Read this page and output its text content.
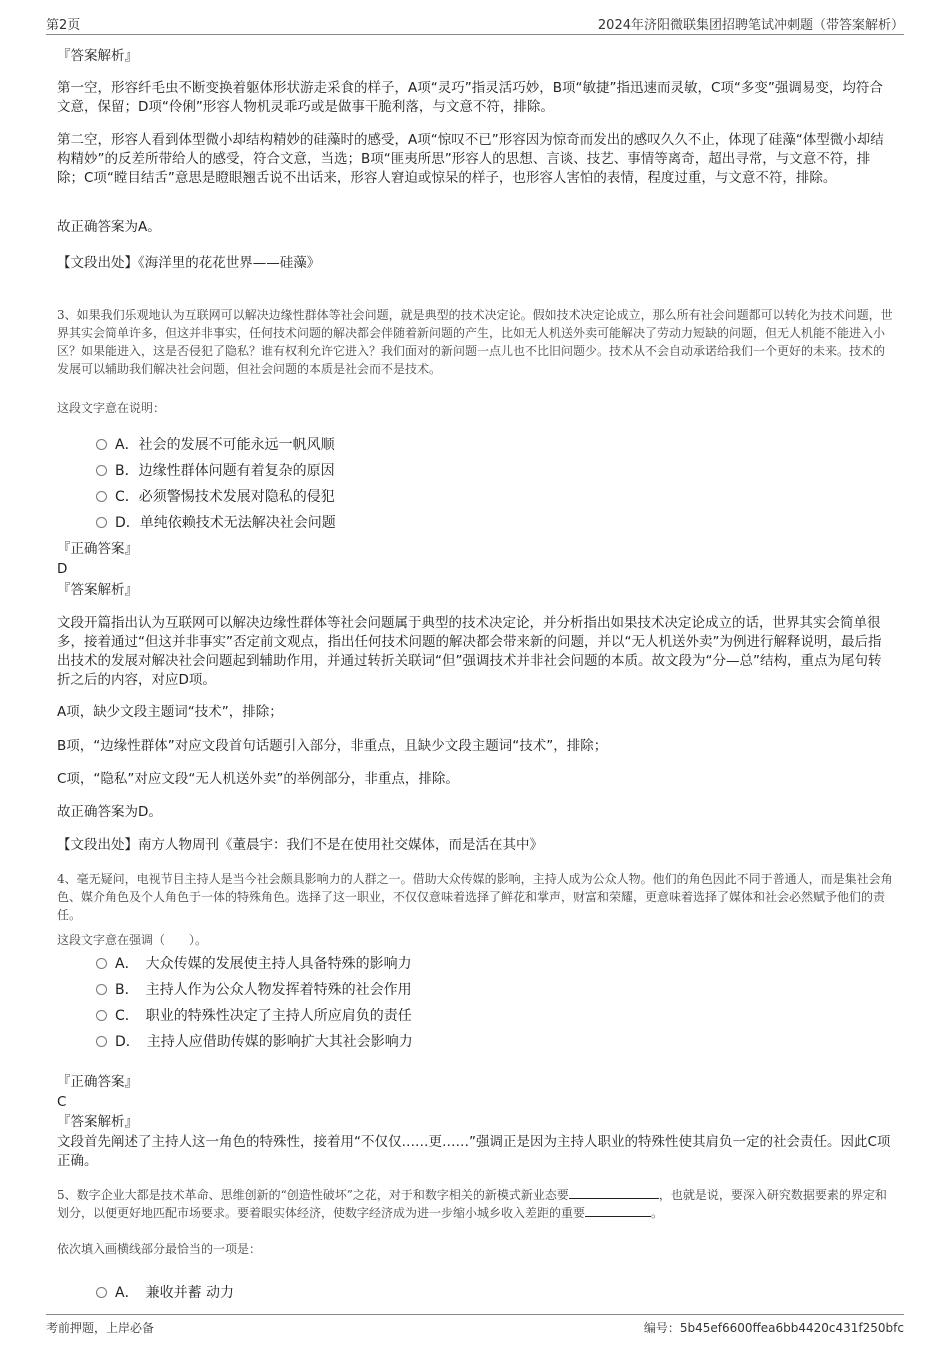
第2页	2024年济阳微联集团招聘笔试冲刺题（带答案解析）

『答案解析』

第一空，形容纤毛虫不断变换着躯体形状游走采食的样子，A项“灵巧”指灵活巧妙，B项“敏捷”指迅速而灵敏，C项“多变”强调易变，均符合文意，保留；D项“伶俐”形容人物机灵乖巧或是做事干脆利落，与文意不符，排除。

第二空，形容人看到体型微小却结构精妙的硅藻时的感受，A项“惊叹不已”形容因为惊奇而发出的感叹久久不止，体现了硅藻“体型微小却结构精妙”的反差所带给人的感受，符合文意，当选；B项“匪夷所思”形容人的思想、言谈、技艺、事情等离奇，超出寻常，与文意不符，排除；C项“瞠目结舌”意思是瞪眼翘舌说不出话来，形容人窘迫或惊呆的样子，也形容人害怕的表情，程度过重，与文意不符，排除。

故正确答案为A。

【文段出处】《海洋里的花花世界——硅藻》

3、如果我们乐观地认为互联网可以解决边缘性群体等社会问题，就是典型的技术决定论。假如技术决定论成立，那么所有社会问题都可以转化为技术问题，世界其实会简单许多，但这并非事实，任何技术问题的解决都会伴随着新问题的产生，比如无人机送外卖可能解决了劳动力短缺的问题，但无人机能不能进入小区？如果能进入，这是否侵犯了隐私？谁有权利允许它进入？我们面对的新问题一点儿也不比旧问题少。技术从不会自动承诺给我们一个更好的未来。技术的发展可以辅助我们解决社会问题，但社会问题的本质是社会而不是技术。

这段文字意在说明：

A．社会的发展不可能永远一帆风顺
B．边缘性群体问题有着复杂的原因
C．必须警惕技术发展对隐私的侵犯
D．单纯依赖技术无法解决社会问题

『正确答案』

D

『答案解析』

文段开篇指出认为互联网可以解决边缘性群体等社会问题属于典型的技术决定论，并分析指出如果技术决定论成立的话，世界其实会简单很多，接着通过“但这并非事实”否定前文观点，指出任何技术问题的解决都会带来新的问题，并以“无人机送外卖”为例进行解释说明，最后指出技术的发展对解决社会问题起到辅助作用，并通过转折关联词“但”强调技术并非社会问题的本质。故文段为“分—总”结构，重点为尾句转折之后的内容，对应D项。

A项，缺少文段主题词“技术”，排除；

B项，“边缘性群体”对应文段首句话题引入部分，非重点，且缺少文段主题词“技术”，排除；

C项，“隐私”对应文段“无人机送外卖”的举例部分，非重点，排除。

故正确答案为D。

【文段出处】南方人物周刊《董晨宇：我们不是在使用社交媒体，而是活在其中》

4、毫无疑问，电视节目主持人是当今社会颇具影响力的人群之一。借助大众传媒的影响，主持人成为公众人物。他们的角色因此不同于普通人，而是集社会角色、媒介角色及个人角色于一体的特殊角色。选择了这一职业，不仅仅意味着选择了鲜花和掌声，财富和荣耀，更意味着选择了媒体和社会必然赋予他们的责任。

这段文字意在强调（　　）。

A．　大众传媒的发展使主持人具备特殊的影响力
B．　主持人作为公众人物发挥着特殊的社会作用
C．　职业的特殊性决定了主持人所应肩负的责任
D．　主持人应借助传媒的影响扩大其社会影响力

『正确答案』

C

『答案解析』

文段首先阐述了主持人这一角色的特殊性，接着用“不仅仅……更……”强调正是因为主持人职业的特殊性使其肩负一定的社会责任。因此C项正确。

5、数字企业大都是技术革命、思维创新的“创造性破坏”之花，对于和数字相关的新模式新业态要	，也就是说，要深入研究数据要素的界定和划分，以便更好地匹配市场要求。要着眼实体经济，使数字经济成为进一步缩小城乡收入差距的重要	。

依次填入画横线部分最恰当的一项是：

A．　兼收并蓄 动力
考前押题，上岸必备	编号：5b45ef6600ffea6bb4420c431f250bfc
